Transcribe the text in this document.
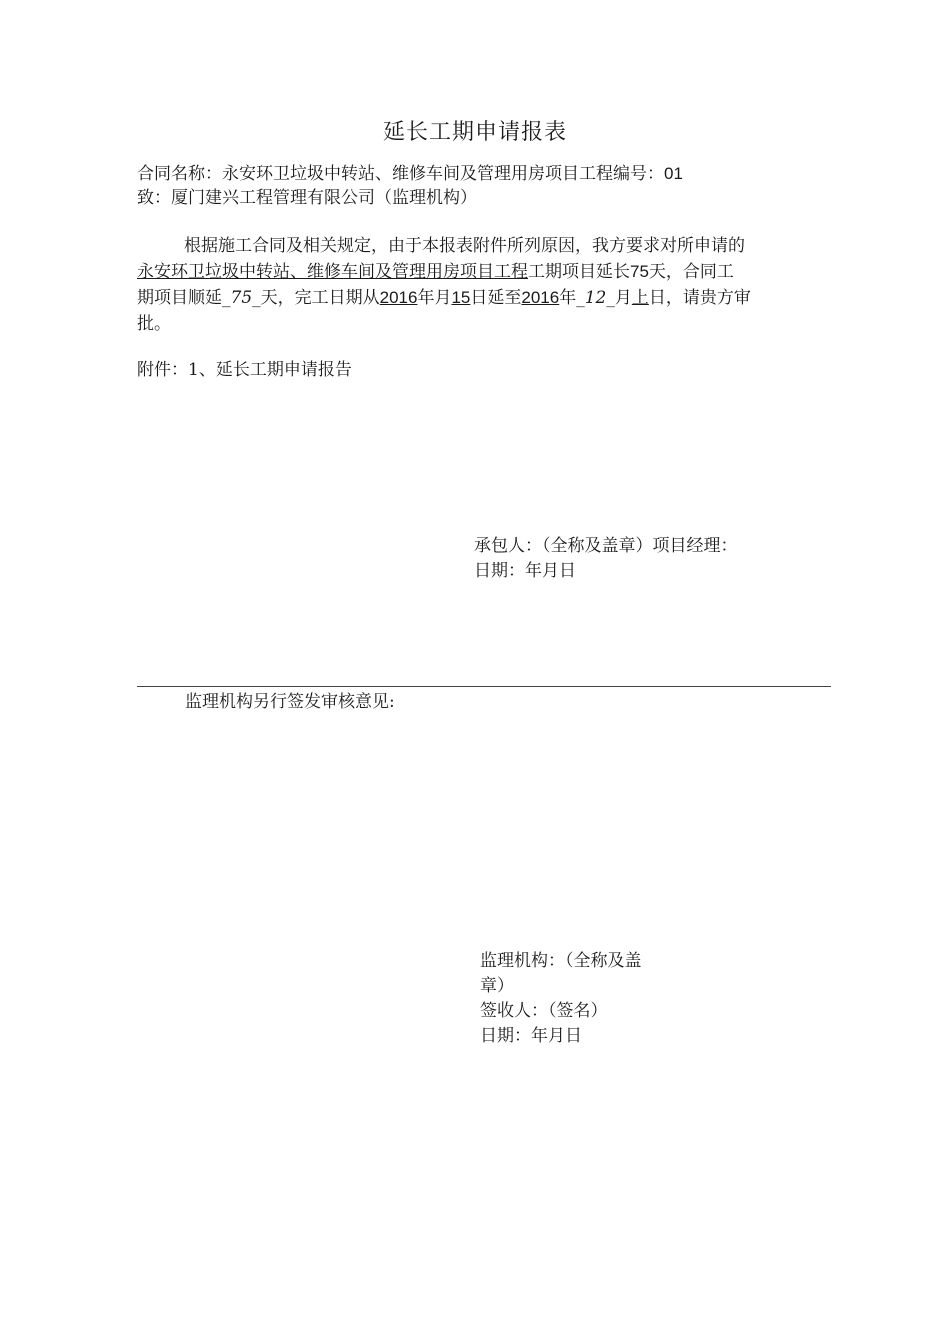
延长工期申请报表
合同名称：永安环卫垃圾中转站、维修车间及管理用房项目工程编号：01
致：厦门建兴工程管理有限公司（监理机构）
根据施工合同及相关规定，由于本报表附件所列原因，我方要求对所申请的
永安环卫垃圾中转站、维修车间及管理用房项目工程工期项目延长75天，合同工
期项目顺延_75_天，完工日期从2016年月15日延至2016年_12_月上日，请贵方审
批。
附件：1、延长工期申请报告
承包人：（全称及盖章）项目经理：
日期：年月日
监理机构另行签发审核意见:
监理机构：（全称及盖
章）
签收人：（签名）
日期：年月日
